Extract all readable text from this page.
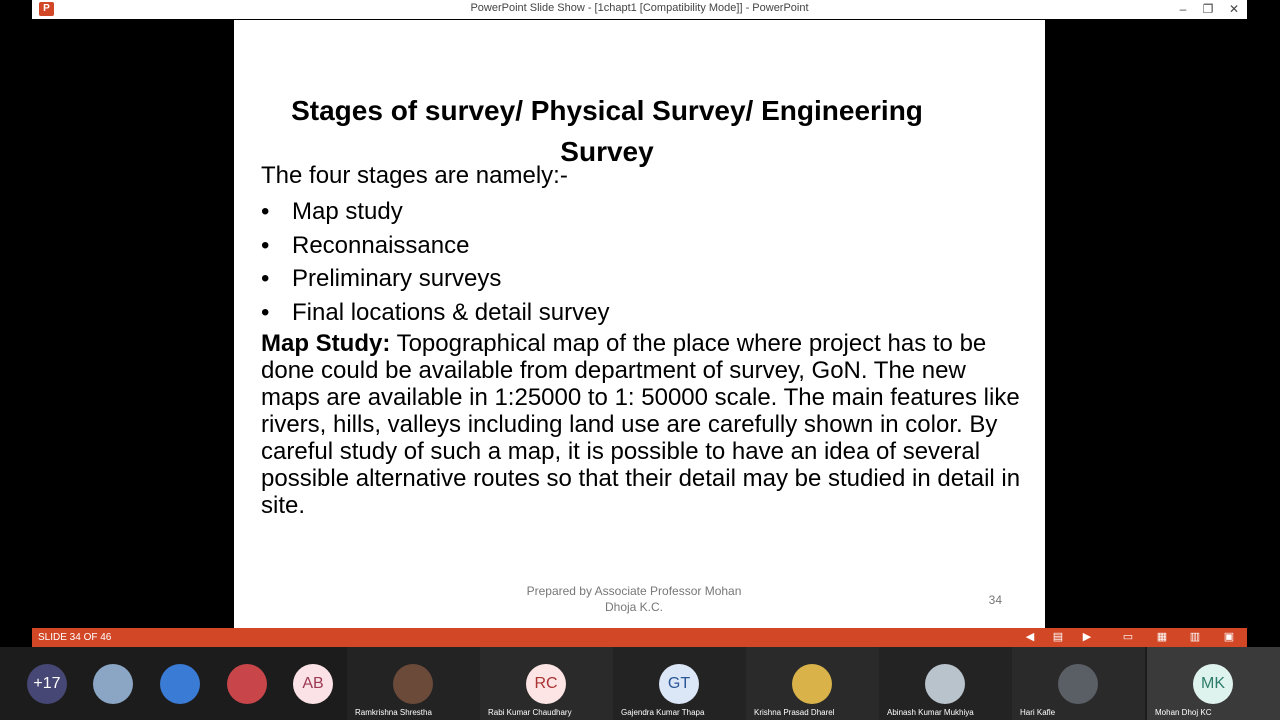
P	PowerPoint Slide Show - [1chapt1 [Compatibility Mode]] - PowerPoint	–	❐	✕
Stages of survey/ Physical Survey/ Engineering Survey
The four stages are namely:-
• Map study
• Reconnaissance
• Preliminary surveys
• Final locations & detail survey
Map Study: Topographical map of the place where project has to be done could be available from department of survey, GoN. The new maps are available in 1:25000 to 1: 50000 scale. The main features like rivers, hills, valleys including land use are carefully shown in color. By careful study of such a map, it is possible to have an idea of several possible alternative routes so that their detail may be studied in detail in site.
Prepared by Associate Professor Mohan Dhoja K.C.	34
SLIDE 34 OF 46	◀ ▤ ▶	▭ ▦ ▥ ▣
+17	AB
Ramkrishna Shrestha
RC
Rabi Kumar Chaudhary
GT
Gajendra Kumar Thapa	Krishna Prasad Dharel	Abinash Kumar Mukhiya	Hari Kafle
MK
Mohan Dhoj KC
